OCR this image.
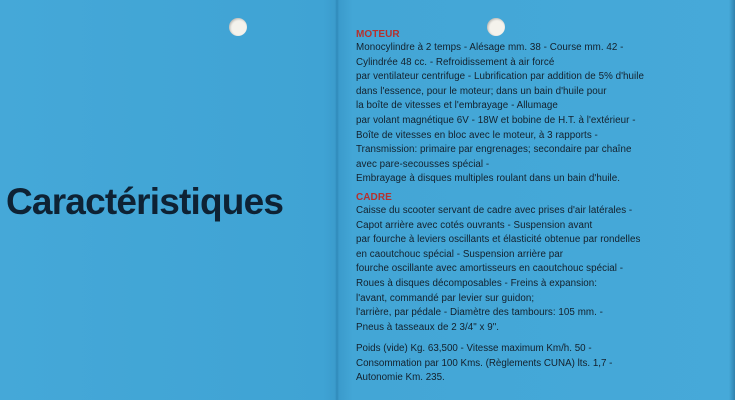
Caractéristiques
MOTEUR
Monocylindre à 2 temps - Alésage mm. 38 - Course mm. 42 -
Cylindrée 48 cc. - Refroidissement à air forcé
par ventilateur centrifuge - Lubrification par addition de 5% d'huile
dans l'essence, pour le moteur; dans un bain d'huile pour
la boîte de vitesses et l'embrayage - Allumage
par volant magnétique 6V - 18W et bobine de H.T. à l'extérieur -
Boîte de vitesses en bloc avec le moteur, à 3 rapports -
Transmission: primaire par engrenages; secondaire par chaîne
avec pare-secousses spécial -
Embrayage à disques multiples roulant dans un bain d'huile.
CADRE
Caisse du scooter servant de cadre avec prises d'air latérales -
Capot arrière avec cotés ouvrants - Suspension avant
par fourche à leviers oscillants et élasticité obtenue par rondelles
en caoutchouc spécial - Suspension arrière par
fourche oscillante avec amortisseurs en caoutchouc spécial -
Roues à disques décomposables - Freins à expansion:
l'avant, commandé par levier sur guidon;
l'arrière, par pédale - Diamètre des tambours: 105 mm. -
Pneus à tasseaux de 2 3/4" x 9".
Poids (vide) Kg. 63,500 - Vitesse maximum Km/h. 50 -
Consommation par 100 Kms. (Règlements CUNA) lts. 1,7 -
Autonomie Km. 235.
